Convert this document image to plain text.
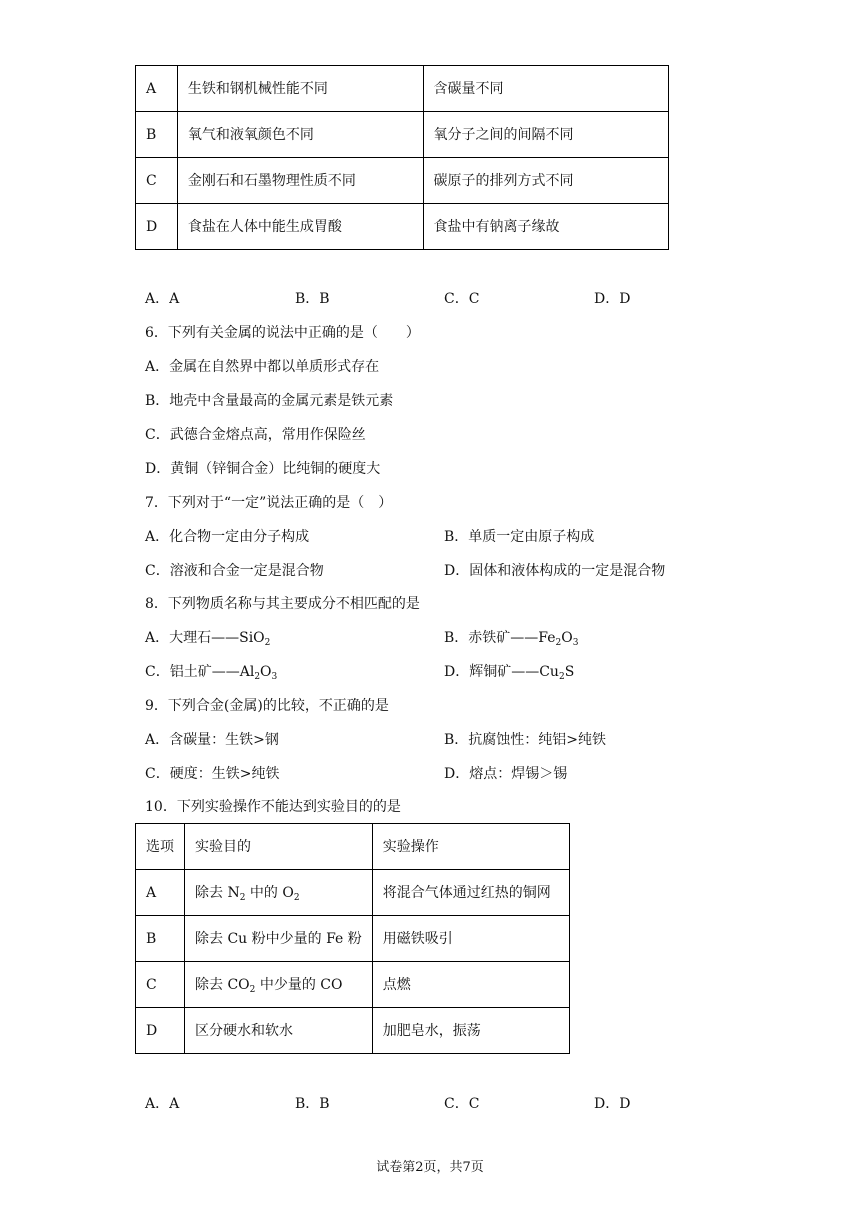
A	生铁和钢机械性能不同	含碳量不同
B	氧气和液氧颜色不同	氧分子之间的间隔不同
C	金刚石和石墨物理性质不同	碳原子的排列方式不同
D	食盐在人体中能生成胃酸	食盐中有钠离子缘故
A．A	B．B	C．C	D．D
6．下列有关金属的说法中正确的是（　　）
A．金属在自然界中都以单质形式存在
B．地壳中含量最高的金属元素是铁元素
C．武德合金熔点高，常用作保险丝
D．黄铜（锌铜合金）比纯铜的硬度大
7．下列对于“一定”说法正确的是（　）
A．化合物一定由分子构成	B．单质一定由原子构成
C．溶液和合金一定是混合物	D．固体和液体构成的一定是混合物
8．下列物质名称与其主要成分不相匹配的是
A．大理石——SiO$_2$	B．赤铁矿$——Fe_2O_3$
C．铝土矿$——Al_2O_3$	D．辉铜矿$——Cu_2S$
9．下列合金(金属)的比较，不正确的是
A．含碳量：生铁>钢	B．抗腐蚀性：纯铝>纯铁
C．硬度：生铁>纯铁	D．熔点：焊锡＞锡
10．下列实验操作不能达到实验目的的是
选项	实验目的	实验操作
A	除去 $N_2$ 中的 $O_2$	将混合气体通过红热的铜网
B	除去 Cu 粉中少量的 Fe 粉	用磁铁吸引
C	除去 $CO_2$ 中少量的 CO	点燃
D	区分硬水和软水	加肥皂水，振荡
A．A	B．B	C．C	D．D
试卷第2页，共7页
